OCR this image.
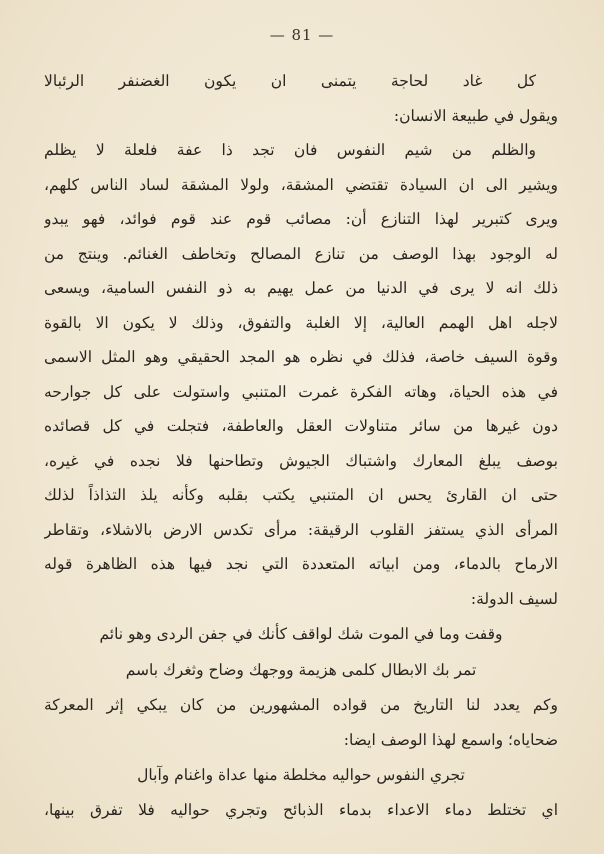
— 81 —
كل غاد لحاجة يتمنى ان يكون الغضنفر الرئبالا
ويقول في طبيعة الانسان:
والظلم من شيم النفوس فان تجد ذا عفة فلعلة لا يظلم
ويشير الى ان السيادة تقتضي المشقة، ولولا المشقة لساد الناس كلهم،
ويرى كتبرير لهذا التنازع أن: مصائب قوم عند قوم فوائد، فهو يبدو
له الوجود بهذا الوصف من تنازع المصالح وتخاطف الغنائم. وينتج من
ذلك انه لا يرى في الدنيا من عمل يهيم به ذو النفس السامية، ويسعى
لاجله اهل الهمم العالية، إلا الغلبة والتفوق، وذلك لا يكون الا بالقوة
وقوة السيف خاصة، فذلك في نظره هو المجد الحقيقي وهو المثل الاسمى
في هذه الحياة، وهاته الفكرة غمرت المتنبي واستولت على كل جوارحه
دون غيرها من سائر متناولات العقل والعاطفة، فتجلت في كل قصائده
بوصف يبلغ المعارك واشتباك الجيوش وتطاحنها فلا نجده في غيره،
حتى ان القارئ يحس ان المتنبي يكتب بقلبه وكأنه يلذ التذاذاً لذلك
المرأى الذي يستفز القلوب الرقيقة: مرأى تكدس الارض بالاشلاء، وتقاطر
الارماح بالدماء، ومن ابياته المتعددة التي نجد فيها هذه الظاهرة قوله
لسيف الدولة:
وقفت وما في الموت شك لواقف كأنك في جفن الردى وهو نائم
تمر بك الابطال كلمى هزيمة ووجهك وضاح وثغرك باسم
وكم يعدد لنا التاريخ من قواده المشهورين من كان يبكي إثر المعركة
ضحاياه؛ واسمع لهذا الوصف ايضا:
تجري النفوس حواليه مخلطة منها عداة واغنام وآبال
اي تختلط دماء الاعداء بدماء الذبائح وتجري حواليه فلا تفرق بينها،
